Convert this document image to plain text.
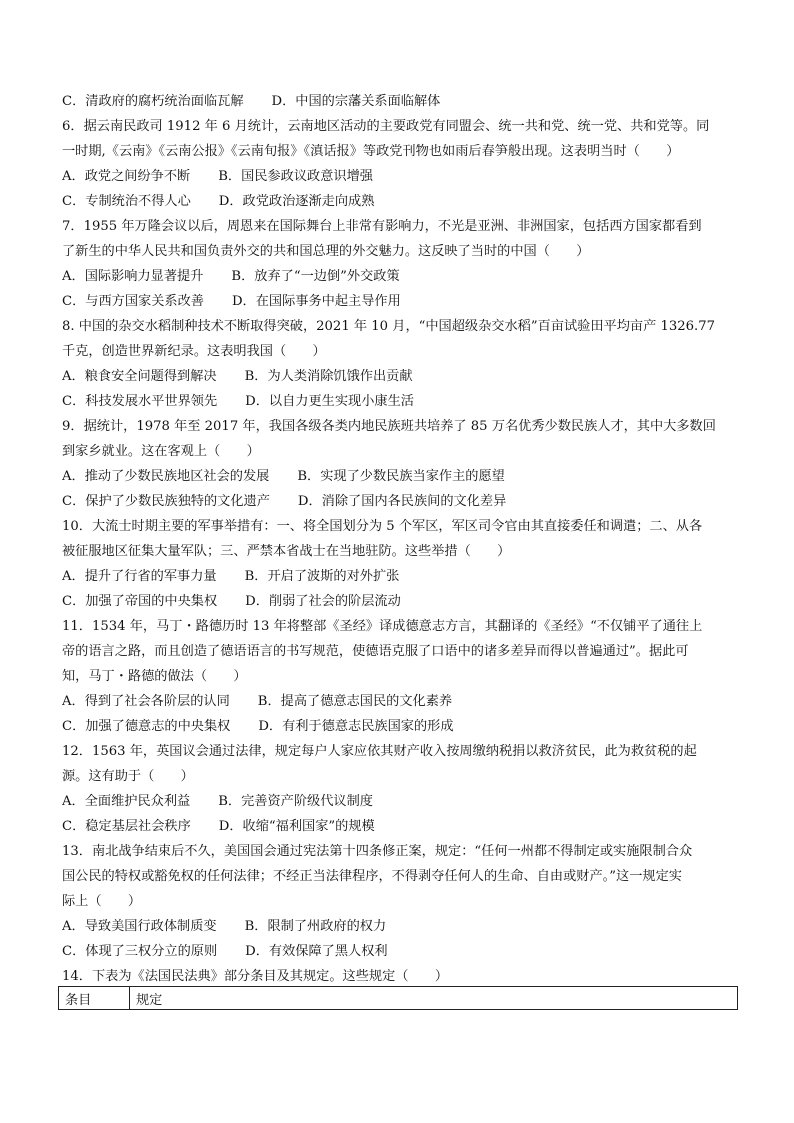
C．清政府的腐朽统治面临瓦解 D．中国的宗藩关系面临解体
6．据云南民政司 1912 年 6 月统计，云南地区活动的主要政党有同盟会、统一共和党、统一党、共和党等。同
一时期,《云南》《云南公报》《云南旬报》《滇话报》等政党刊物也如雨后春笋般出现。这表明当时（　　）
A．政党之间纷争不断 B．国民参政议政意识增强
C．专制统治不得人心 D．政党政治逐渐走向成熟
7．1955 年万隆会议以后，周恩来在国际舞台上非常有影响力，不光是亚洲、非洲国家，包括西方国家都看到
了新生的中华人民共和国负责外交的共和国总理的外交魅力。这反映了当时的中国（　　）
A．国际影响力显著提升 B．放弃了“一边倒”外交政策
C．与西方国家关系改善 D．在国际事务中起主导作用
8. 中国的杂交水稻制种技术不断取得突破，2021 年 10 月，“中国超级杂交水稻”百亩试验田平均亩产 1326.77
千克，创造世界新纪录。这表明我国（　　）
A．粮食安全问题得到解决 B．为人类消除饥饿作出贡献
C．科技发展水平世界领先 D．以自力更生实现小康生活
9．据统计，1978 年至 2017 年，我国各级各类内地民族班共培养了 85 万名优秀少数民族人才，其中大多数回
到家乡就业。这在客观上（　　）
A．推动了少数民族地区社会的发展 B．实现了少数民族当家作主的愿望
C．保护了少数民族独特的文化遗产 D．消除了国内各民族间的文化差异
10．大流士时期主要的军事举措有：一、将全国划分为 5 个军区，军区司令官由其直接委任和调遣；二、从各
被征服地区征集大量军队；三、严禁本省战士在当地驻防。这些举措（　　）
A．提升了行省的军事力量 B．开启了波斯的对外扩张
C．加强了帝国的中央集权 D．削弱了社会的阶层流动
11．1534 年，马丁・路德历时 13 年将整部《圣经》译成德意志方言，其翻译的《圣经》“不仅铺平了通往上
帝的语言之路，而且创造了德语语言的书写规范，使德语克服了口语中的诸多差异而得以普遍通过”。据此可
知，马丁・路德的做法（　　）
A．得到了社会各阶层的认同 B．提高了德意志国民的文化素养
C．加强了德意志的中央集权 D．有利于德意志民族国家的形成
12．1563 年，英国议会通过法律，规定每户人家应依其财产收入按周缴纳税捐以救济贫民，此为救贫税的起
源。这有助于（　　）
A．全面维护民众利益 B．完善资产阶级代议制度
C．稳定基层社会秩序 D．收缩“福利国家”的规模
13．南北战争结束后不久，美国国会通过宪法第十四条修正案，规定：“任何一州都不得制定或实施限制合众
国公民的特权或豁免权的任何法律；不经正当法律程序，不得剥夺任何人的生命、自由或财产。”这一规定实
际上（　　）
A．导致美国行政体制质变 B．限制了州政府的权力
C．体现了三权分立的原则 D．有效保障了黑人权利
14．下表为《法国民法典》部分条目及其规定。这些规定（　　）
条目	规定
